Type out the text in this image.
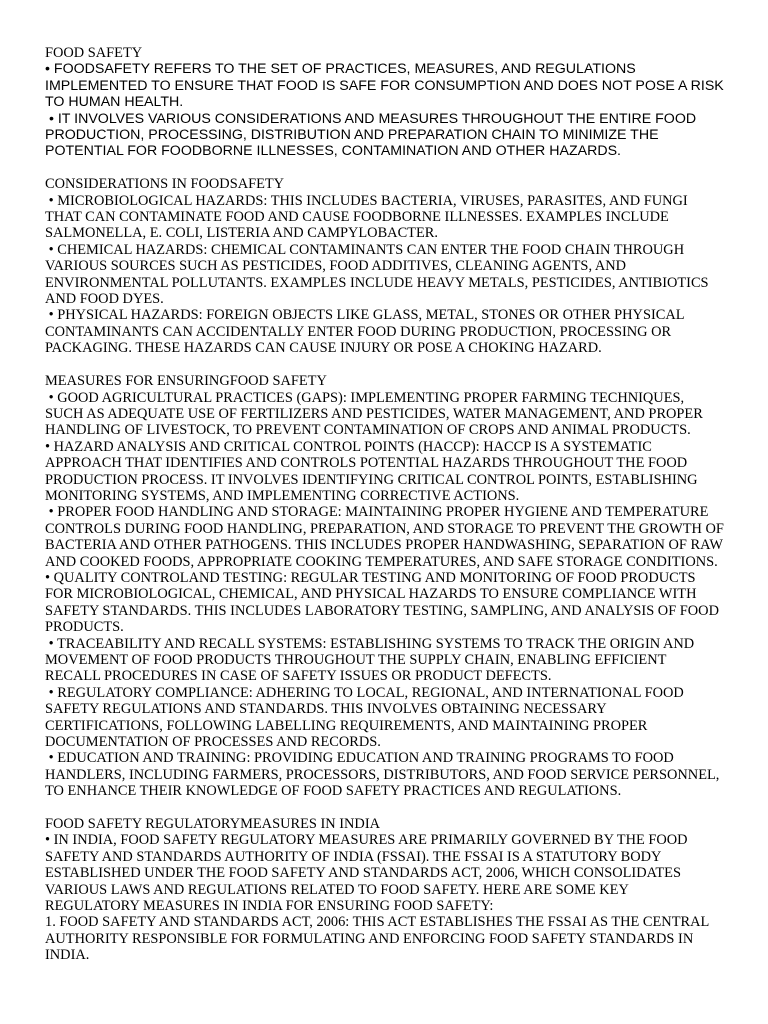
FOOD SAFETY

• FOODSAFETY REFERS TO THE SET OF PRACTICES, MEASURES, AND REGULATIONS IMPLEMENTED TO ENSURE THAT FOOD IS SAFE FOR CONSUMPTION AND DOES NOT POSE A RISK TO HUMAN HEALTH.

• IT INVOLVES VARIOUS CONSIDERATIONS AND MEASURES THROUGHOUT THE ENTIRE FOOD PRODUCTION, PROCESSING, DISTRIBUTION AND PREPARATION CHAIN TO MINIMIZE THE POTENTIAL FOR FOODBORNE ILLNESSES, CONTAMINATION AND OTHER HAZARDS.

CONSIDERATIONS IN FOODSAFETY

• MICROBIOLOGICAL HAZARDS: THIS INCLUDES BACTERIA, VIRUSES, PARASITES, AND FUNGI THAT CAN CONTAMINATE FOOD AND CAUSE FOODBORNE ILLNESSES. EXAMPLES INCLUDE SALMONELLA, E. COLI, LISTERIA AND CAMPYLOBACTER.

• CHEMICAL HAZARDS: CHEMICAL CONTAMINANTS CAN ENTER THE FOOD CHAIN THROUGH VARIOUS SOURCES SUCH AS PESTICIDES, FOOD ADDITIVES, CLEANING AGENTS, AND ENVIRONMENTAL POLLUTANTS. EXAMPLES INCLUDE HEAVY METALS, PESTICIDES, ANTIBIOTICS AND FOOD DYES.

• PHYSICAL HAZARDS: FOREIGN OBJECTS LIKE GLASS, METAL, STONES OR OTHER PHYSICAL CONTAMINANTS CAN ACCIDENTALLY ENTER FOOD DURING PRODUCTION, PROCESSING OR PACKAGING. THESE HAZARDS CAN CAUSE INJURY OR POSE A CHOKING HAZARD.

MEASURES FOR ENSURINGFOOD SAFETY

• GOOD AGRICULTURAL PRACTICES (GAPS): IMPLEMENTING PROPER FARMING TECHNIQUES, SUCH AS ADEQUATE USE OF FERTILIZERS AND PESTICIDES, WATER MANAGEMENT, AND PROPER HANDLING OF LIVESTOCK, TO PREVENT CONTAMINATION OF CROPS AND ANIMAL PRODUCTS.

• HAZARD ANALYSIS AND CRITICAL CONTROL POINTS (HACCP): HACCP IS A SYSTEMATIC APPROACH THAT IDENTIFIES AND CONTROLS POTENTIAL HAZARDS THROUGHOUT THE FOOD PRODUCTION PROCESS. IT INVOLVES IDENTIFYING CRITICAL CONTROL POINTS, ESTABLISHING MONITORING SYSTEMS, AND IMPLEMENTING CORRECTIVE ACTIONS.

• PROPER FOOD HANDLING AND STORAGE: MAINTAINING PROPER HYGIENE AND TEMPERATURE CONTROLS DURING FOOD HANDLING, PREPARATION, AND STORAGE TO PREVENT THE GROWTH OF BACTERIA AND OTHER PATHOGENS. THIS INCLUDES PROPER HANDWASHING, SEPARATION OF RAW AND COOKED FOODS, APPROPRIATE COOKING TEMPERATURES, AND SAFE STORAGE CONDITIONS.

• QUALITY CONTROLAND TESTING: REGULAR TESTING AND MONITORING OF FOOD PRODUCTS FOR MICROBIOLOGICAL, CHEMICAL, AND PHYSICAL HAZARDS TO ENSURE COMPLIANCE WITH SAFETY STANDARDS. THIS INCLUDES LABORATORY TESTING, SAMPLING, AND ANALYSIS OF FOOD PRODUCTS.

• TRACEABILITY AND RECALL SYSTEMS: ESTABLISHING SYSTEMS TO TRACK THE ORIGIN AND MOVEMENT OF FOOD PRODUCTS THROUGHOUT THE SUPPLY CHAIN, ENABLING EFFICIENT RECALL PROCEDURES IN CASE OF SAFETY ISSUES OR PRODUCT DEFECTS.

• REGULATORY COMPLIANCE: ADHERING TO LOCAL, REGIONAL, AND INTERNATIONAL FOOD SAFETY REGULATIONS AND STANDARDS. THIS INVOLVES OBTAINING NECESSARY CERTIFICATIONS, FOLLOWING LABELLING REQUIREMENTS, AND MAINTAINING PROPER DOCUMENTATION OF PROCESSES AND RECORDS.

• EDUCATION AND TRAINING: PROVIDING EDUCATION AND TRAINING PROGRAMS TO FOOD HANDLERS, INCLUDING FARMERS, PROCESSORS, DISTRIBUTORS, AND FOOD SERVICE PERSONNEL, TO ENHANCE THEIR KNOWLEDGE OF FOOD SAFETY PRACTICES AND REGULATIONS.

FOOD SAFETY REGULATORYMEASURES IN INDIA

• IN INDIA, FOOD SAFETY REGULATORY MEASURES ARE PRIMARILY GOVERNED BY THE FOOD SAFETY AND STANDARDS AUTHORITY OF INDIA (FSSAI). THE FSSAI IS A STATUTORY BODY ESTABLISHED UNDER THE FOOD SAFETY AND STANDARDS ACT, 2006, WHICH CONSOLIDATES VARIOUS LAWS AND REGULATIONS RELATED TO FOOD SAFETY. HERE ARE SOME KEY REGULATORY MEASURES IN INDIA FOR ENSURING FOOD SAFETY:

1. FOOD SAFETY AND STANDARDS ACT, 2006: THIS ACT ESTABLISHES THE FSSAI AS THE CENTRAL AUTHORITY RESPONSIBLE FOR FORMULATING AND ENFORCING FOOD SAFETY STANDARDS IN INDIA.
